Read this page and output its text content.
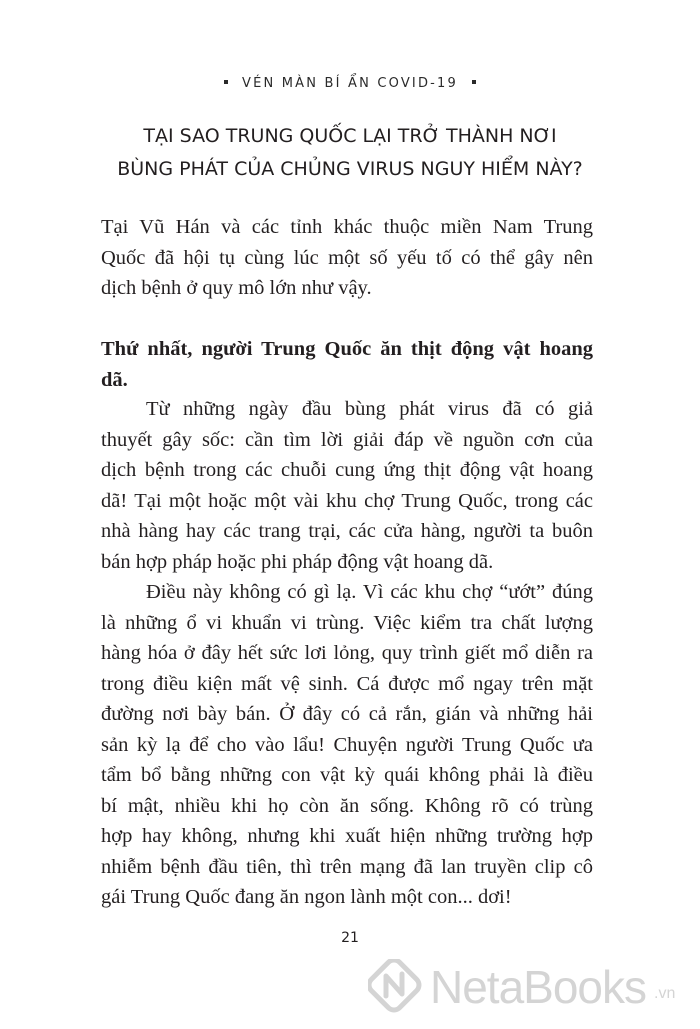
VÉN MÀN BÍ ẨN COVID-19
TẠI SAO TRUNG QUỐC LẠI TRỞ THÀNH NƠI
BÙNG PHÁT CỦA CHỦNG VIRUS NGUY HIỂM NÀY?

Tại Vũ Hán và các tỉnh khác thuộc miền Nam Trung
Quốc đã hội tụ cùng lúc một số yếu tố có thể gây nên
dịch bệnh ở quy mô lớn như vậy.

Thứ nhất, người Trung Quốc ăn thịt động vật hoang
dã.

Từ những ngày đầu bùng phát virus đã có giả
thuyết gây sốc: cần tìm lời giải đáp về nguồn cơn của
dịch bệnh trong các chuỗi cung ứng thịt động vật hoang
dã! Tại một hoặc một vài khu chợ Trung Quốc, trong các
nhà hàng hay các trang trại, các cửa hàng, người ta buôn
bán hợp pháp hoặc phi pháp động vật hoang dã.

Điều này không có gì lạ. Vì các khu chợ “ướt” đúng
là những ổ vi khuẩn vi trùng. Việc kiểm tra chất lượng
hàng hóa ở đây hết sức lơi lỏng, quy trình giết mổ diễn ra
trong điều kiện mất vệ sinh. Cá được mổ ngay trên mặt
đường nơi bày bán. Ở đây có cả rắn, gián và những hải
sản kỳ lạ để cho vào lẩu! Chuyện người Trung Quốc ưa
tẩm bổ bằng những con vật kỳ quái không phải là điều
bí mật, nhiều khi họ còn ăn sống. Không rõ có trùng
hợp hay không, nhưng khi xuất hiện những trường hợp
nhiễm bệnh đầu tiên, thì trên mạng đã lan truyền clip cô
gái Trung Quốc đang ăn ngon lành một con... dơi!

21
NetaBooks .vn
